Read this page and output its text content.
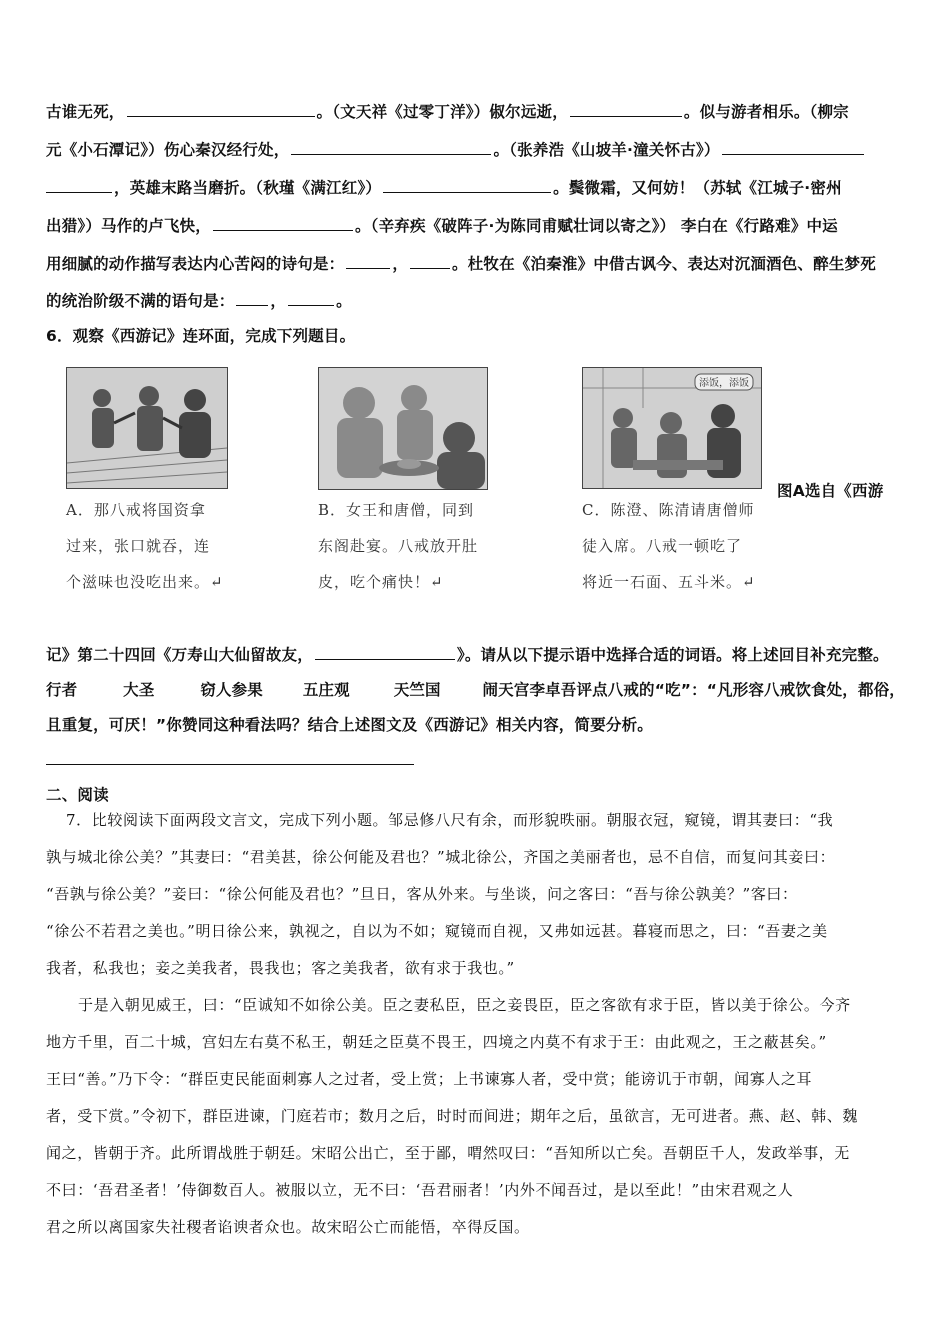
古谁无死，	。（文天祥《过零丁洋》）俶尔远逝，	。似与游者相乐。（柳宗
元《小石潭记》）伤心秦汉经行处，	。（张养浩《山坡羊·潼关怀古》）
，英雄末路当磨折。（秋瑾《满江红》）	。鬓微霜，又何妨！（苏轼《江城子·密州
出猎》）马作的卢飞快，	。（辛弃疾《破阵子·为陈同甫赋壮词以寄之》） 李白在《行路难》中运
用细腻的动作描写表达内心苦闷的诗句是：	，	。杜牧在《泊秦淮》中借古讽今、表达对沉湎酒色、醉生梦死
的统治阶级不满的语句是： ，	。
6．观察《西游记》连环面，完成下列题目。
A．那八戒将国资拿
过来，张口就吞，连
个滋味也没吃出来。↵
B．女王和唐僧，同到
东阁赴宴。八戒放开肚
皮，吃个痛快！↵
添饭，添饭
C．陈澄、陈清请唐僧师
徒入席。八戒一顿吃了
将近一石面、五斗米。↵
图A选自《西游
记》第二十四回《万寿山大仙留故友，	》。请从以下提示语中选择合适的词语。将上述回目补充完整。
行者	大圣	窃人参果	五庄观	天竺国	闹天宫李卓吾评点八戒的“吃”：“凡形容八戒饮食处，都俗，
且重复，可厌！”你赞同这种看法吗？结合上述图文及《西游记》相关内容，简要分析。
二、阅读
7．比较阅读下面两段文言文，完成下列小题。邹忌修八尺有余，而形貌昳丽。朝服衣冠，窥镜，谓其妻曰：“我
孰与城北徐公美？”其妻曰：“君美甚，徐公何能及君也？”城北徐公，齐国之美丽者也，忌不自信，而复问其妾曰：
“吾孰与徐公美？”妾曰：“徐公何能及君也？”旦日，客从外来。与坐谈，问之客曰：“吾与徐公孰美？”客曰：
“徐公不若君之美也。”明日徐公来，孰视之，自以为不如；窥镜而自视，又弗如远甚。暮寝而思之，曰：“吾妻之美
我者，私我也；妾之美我者，畏我也；客之美我者，欲有求于我也。”
于是入朝见威王，曰：“臣诚知不如徐公美。臣之妻私臣，臣之妾畏臣，臣之客欲有求于臣，皆以美于徐公。今齐
地方千里，百二十城，宫妇左右莫不私王，朝廷之臣莫不畏王，四境之内莫不有求于王：由此观之，王之蔽甚矣。”
王曰“善。”乃下令：“群臣吏民能面刺寡人之过者，受上赏；上书谏寡人者，受中赏；能谤讥于市朝，闻寡人之耳
者，受下赏。”令初下，群臣进谏，门庭若市；数月之后，时时而间进；期年之后，虽欲言，无可进者。燕、赵、韩、魏
闻之，皆朝于齐。此所谓战胜于朝廷。宋昭公出亡，至于鄙，喟然叹曰：“吾知所以亡矣。吾朝臣千人，发政举事，无
不曰：‘吾君圣者！’侍御数百人。被服以立，无不曰：‘吾君丽者！’内外不闻吾过，是以至此！”由宋君观之人
君之所以离国家失社稷者谄谀者众也。故宋昭公亡而能悟，卒得反国。
